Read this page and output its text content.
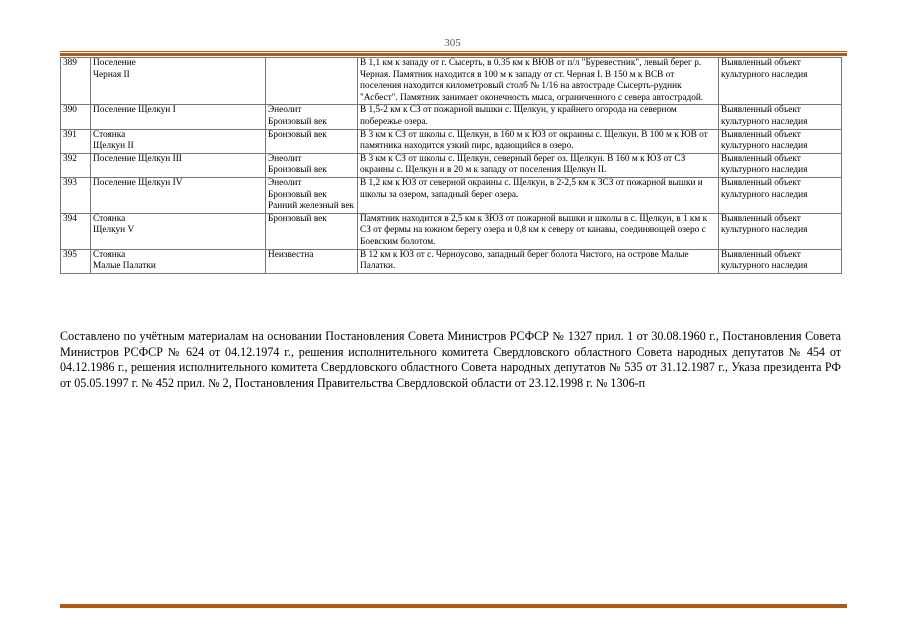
305
389	Поселение
Черная II		В 1,1 км к западу от г. Сысерть, в 0.35 км к ВЮВ от п/л "Буревестник", левый берег р. Черная. Памятник находится в 100 м к западу от ст. Черная I. В 150 м к ВСВ от поселения находится километровый столб № 1/16 на автостраде Сысерть-рудник "Асбест". Памятник занимает оконечность мыса, ограниченного с севера автострадой.	Выявленный объект культурного наследия
390	Поселение Щелкун I	Энеолит
Бронзовый век	В 1,5-2 км к СЗ от пожарной вышки с. Щелкун, у крайнего огорода на северном побережье озера.	Выявленный объект культурного наследия
391	Стоянка
Щелкун II	Бронзовый век	В 3 км к СЗ от школы с. Щелкун, в 160 м к ЮЗ от окраины с. Щелкун. В 100 м к ЮВ от памятника находится узкий пирс, вдающийся в озеро.	Выявленный объект культурного наследия
392	Поселение Щелкун III	Энеолит
Бронзовый век	В 3 км к СЗ от школы с. Щелкун, северный берег оз. Щелкун. В 160 м к ЮЗ от СЗ окраины с. Щелкун и в 20 м к западу от поселения Щелкун II.	Выявленный объект культурного наследия
393	Поселение Щелкун IV	Энеолит
Бронзовый век
Ранний железный век	В 1,2 км к ЮЗ от северной окраины с. Щелкун, в 2-2,5 км к ЗСЗ от пожарной вышки и школы за озером, западный берег озера.	Выявленный объект культурного наследия
394	Стоянка
Щелкун V	Бронзовый век	Памятник находится в 2,5 км к ЗЮЗ от пожарной вышки и школы в с. Щелкун, в 1 км к СЗ от фермы на южном берегу озера и 0,8 км к северу от канавы, соединяющей озеро с Боевским болотом.	Выявленный объект культурного наследия
395	Стоянка
Малые Палатки	Неизвестна	В 12 км к ЮЗ от с. Черноусово, западный берег болота Чистого, на острове Малые Палатки.	Выявленный объект культурного наследия
Составлено по учётным материалам на основании Постановления Совета Министров РСФСР № 1327 прил. 1 от 30.08.1960 г., Постановления Совета Министров РСФСР № 624 от 04.12.1974 г., решения исполнительного комитета Свердловского областного Совета народных депутатов № 454 от 04.12.1986 г., решения исполнительного комитета Свердловского областного Совета народных депутатов № 535 от 31.12.1987 г., Указа президента РФ от 05.05.1997 г. № 452 прил. № 2, Постановления Правительства Свердловской области от 23.12.1998 г. № 1306-п
